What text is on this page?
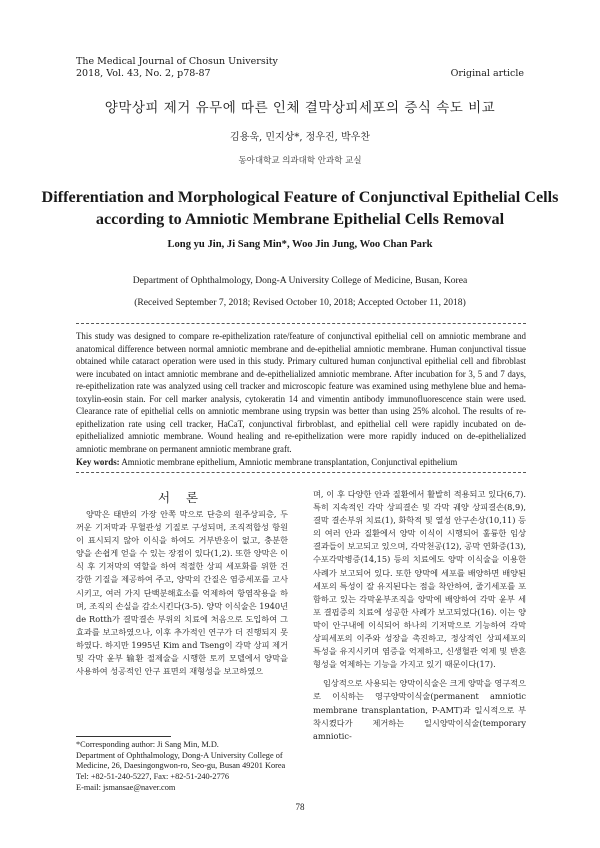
The Medical Journal of Chosun University
2018, Vol. 43, No. 2, p78-87	Original article
양막상피 제거 유무에 따른 인체 결막상피세포의 증식 속도 비교
김용욱, 민지상*, 정우진, 박우찬
동아대학교 의과대학 안과학 교실
Differentiation and Morphological Feature of Conjunctival Epithelial Cells according to Amniotic Membrane Epithelial Cells Removal
Long yu Jin, Ji Sang Min*, Woo Jin Jung, Woo Chan Park
Department of Ophthalmology, Dong-A University College of Medicine, Busan, Korea
(Received September 7, 2018; Revised October 10, 2018; Accepted October 11, 2018)
This study was designed to compare re-epithelization rate/feature of conjunctival epithelial cell on amniotic membrane and anatomical difference between normal amniotic membrane and de-epithelial amniotic membrane. Human conjunctival tissue obtained while cataract operation were used in this study. Primary cultured human conjunctival epithelial cell and fibroblast were incubated on intact amniotic membrane and de-epithelialized amniotic membrane. After incubation for 3, 5 and 7 days, re-epithelization rate was analyzed using cell tracker and microscopic feature was examined using methylene blue and hema-toxylin-eosin stain. For cell marker analysis, cytokeratin 14 and vimentin antibody immunofluorescence stain were used. Clearance rate of epithelial cells on amniotic membrane using trypsin was better than using 25% alcohol. The results of re-epithelization rate using cell tracker, HaCaT, conjunctival firbroblast, and epithelial cell were rapidly incubated on de-epithelialized amniotic membrane. Wound healing and re-epithelization were more rapidly induced on de-epithelialized amniotic membrane on permanent amniotic membrane graft.
Key words: Amniotic membrane epithelium, Amniotic membrane transplantation, Conjunctival epithelium
서 론
양막은 태반의 가장 안쪽 막으로 단층의 원주상피층, 두꺼운 기저막과 무혈관성 기질로 구성되며, 조직적합성 항원이 표시되지 않아 이식을 하여도 거부반응이 없고, 충분한 양을 손쉽게 얻을 수 있는 장점이 있다(1,2). 또한 양막은 이식 후 기저막의 역할을 하여 적절한 상피 세포화를 위한 건강한 기질을 제공하여 주고, 양막의 간질은 염증세포를 고사시키고, 여러 가지 단백분해효소를 억제하여 항염작용을 하며, 조직의 손실을 감소시킨다(3-5). 양막 이식술은 1940년 de Rotth가 결막결손 부위의 치료에 처음으로 도입하여 그 효과를 보고하였으나, 이후 추가적인 연구가 더 진행되지 못하였다. 하지만 1995년 Kim and Tseng이 각막 상피 제거 및 각막 윤부 输환 절제술을 시행한 토끼 모델에서 양막을 사용하여 성공적인 안구 표면의 재형성을 보고하였으

며, 이 후 다양한 안과 질환에서 활발히 적용되고 있다(6,7). 특히 지속적인 각막 상피결손 및 각막 궤양 상피결손(8,9), 결막 결손부위 치료(1), 화학적 및 열성 안구손상(10,11) 등의 여러 안과 질환에서 양막 이식이 시행되어 훌륭한 임상 결과들이 보고되고 있으며, 각막천공(12), 공막 연화증(13), 수포각막병증(14,15) 등의 치료에도 양막 이식술을 이용한 사례가 보고되어 있다. 또한 양막에 세포를 배양하면 배양된 세포의 특성이 잘 유지된다는 점을 착안하여, 줄기세포를 포함하고 있는 각막윤부조직을 양막에 배양하여 각막 윤부 세포 결핍증의 치료에 성공한 사례가 보고되었다(16). 이는 양막이 안구내에 이식되어 하나의 기저막으로 기능하여 각막상피세포의 이주와 성장을 촉진하고, 정상적인 상피세포의 특성을 유지시키며 염증을 억제하고, 신생혈관 억제 및 반흔 형성을 억제하는 기능을 가지고 있기 때문이다(17).

임상적으로 사용되는 양막이식술은 크게 양막을 영구적으로 이식하는 영구양막이식술(permanent amniotic membrane transplantation, P-AMT)과 일시적으로 부착시켰다가 제거하는 일시양막이식술(temporary amniotic-

*Corresponding author: Ji Sang Min, M.D.
Department of Ophthalmology, Dong-A University College of Medicine, 26, Daesingongwon-ro, Seo-gu, Busan 49201 Korea
Tel: +82-51-240-5227, Fax: +82-51-240-2776
E-mail: jsmansae@naver.com
78
